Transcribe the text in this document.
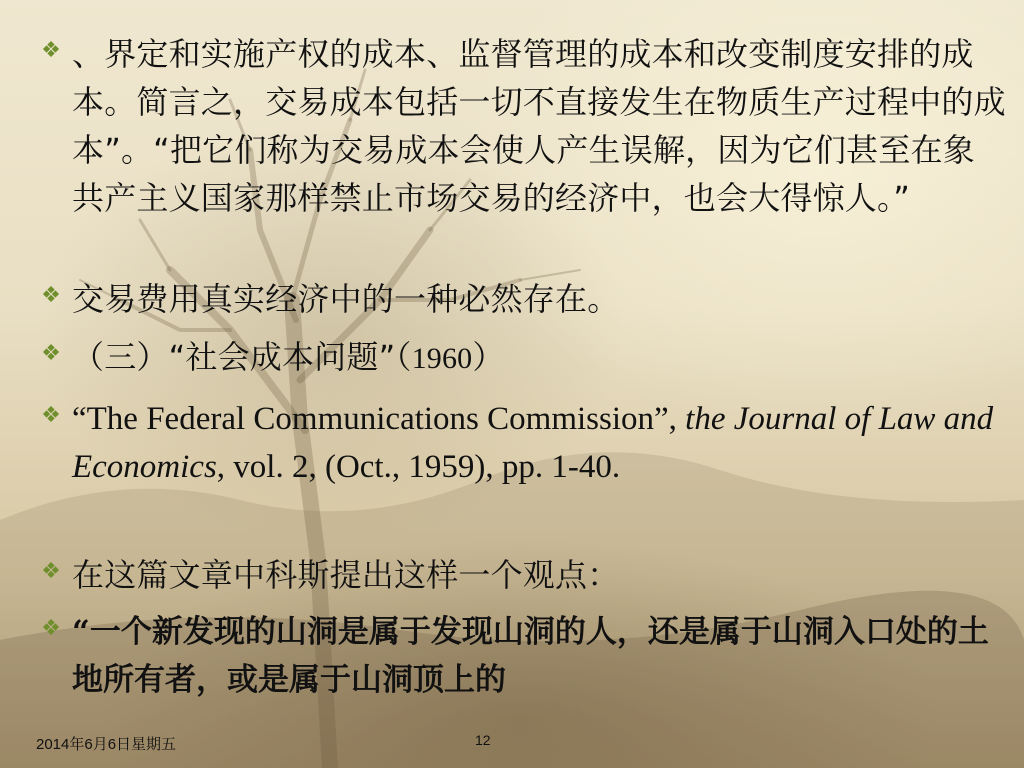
❖ 、界定和实施产权的成本、监督管理的成本和改变制度安排的成本。简言之，交易成本包括一切不直接发生在物质生产过程中的成本”。“把它们称为交易成本会使人产生误解，因为它们甚至在象共产主义国家那样禁止市场交易的经济中，也会大得惊人。”
❖ 交易费用真实经济中的一种必然存在。
❖ （三）“社会成本问题”（1960）
❖ “The Federal Communications Commission”, the Journal of Law and Economics, vol. 2, (Oct., 1959), pp. 1-40.
❖ 在这篇文章中科斯提出这样一个观点：
❖ “一个新发现的山洞是属于发现山洞的人，还是属于山洞入口处的土地所有者，或是属于山洞顶上的
2014年6月6日星期五	12
